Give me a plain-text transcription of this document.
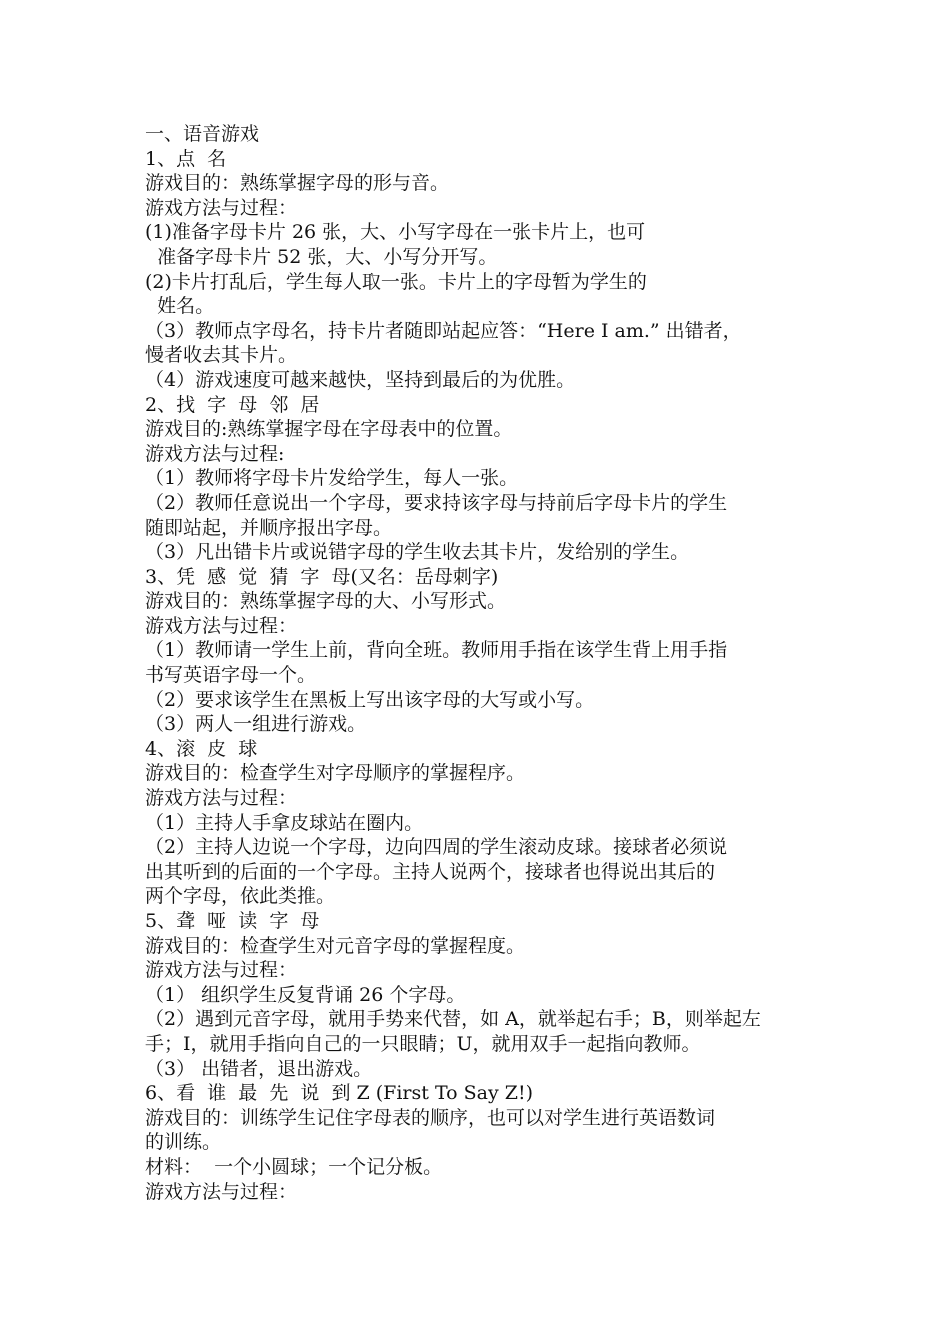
一、语音游戏

1、点  名

游戏目的：熟练掌握字母的形与音。

游戏方法与过程：

(1)准备字母卡片 26 张，大、小写字母在一张卡片上，也可

准备字母卡片 52 张，大、小写分开写。

(2)卡片打乱后，学生每人取一张。卡片上的字母暂为学生的

姓名。

（3）教师点字母名，持卡片者随即站起应答：“Here I am.” 出错者，

慢者收去其卡片。

（4）游戏速度可越来越快，坚持到最后的为优胜。

2、找  字  母  邻  居

游戏目的:熟练掌握字母在字母表中的位置。

游戏方法与过程:

（1）教师将字母卡片发给学生，每人一张。

（2）教师任意说出一个字母，要求持该字母与持前后字母卡片的学生

随即站起，并顺序报出字母。

（3）凡出错卡片或说错字母的学生收去其卡片，发给别的学生。

3、凭  感  觉  猜  字  母(又名：岳母刺字)

游戏目的：熟练掌握字母的大、小写形式。

游戏方法与过程：

（1）教师请一学生上前，背向全班。教师用手指在该学生背上用手指

书写英语字母一个。

（2）要求该学生在黑板上写出该字母的大写或小写。

（3）两人一组进行游戏。

4、滚  皮  球

游戏目的：检查学生对字母顺序的掌握程序。

游戏方法与过程：

（1）主持人手拿皮球站在圈内。

（2）主持人边说一个字母，边向四周的学生滚动皮球。接球者必须说

出其听到的后面的一个字母。主持人说两个，接球者也得说出其后的

两个字母，依此类推。

5、聋  哑  读  字  母

游戏目的：检查学生对元音字母的掌握程度。

游戏方法与过程：

（1） 组织学生反复背诵 26 个字母。

（2）遇到元音字母，就用手势来代替，如 A，就举起右手；B，则举起左

手；I，就用手指向自己的一只眼睛；U，就用双手一起指向教师。

（3） 出错者，退出游戏。

6、看  谁  最  先  说  到 Z (First To Say Z!)

游戏目的：训练学生记住字母表的顺序，也可以对学生进行英语数词

的训练。

材料：  一个小圆球；一个记分板。

游戏方法与过程：
